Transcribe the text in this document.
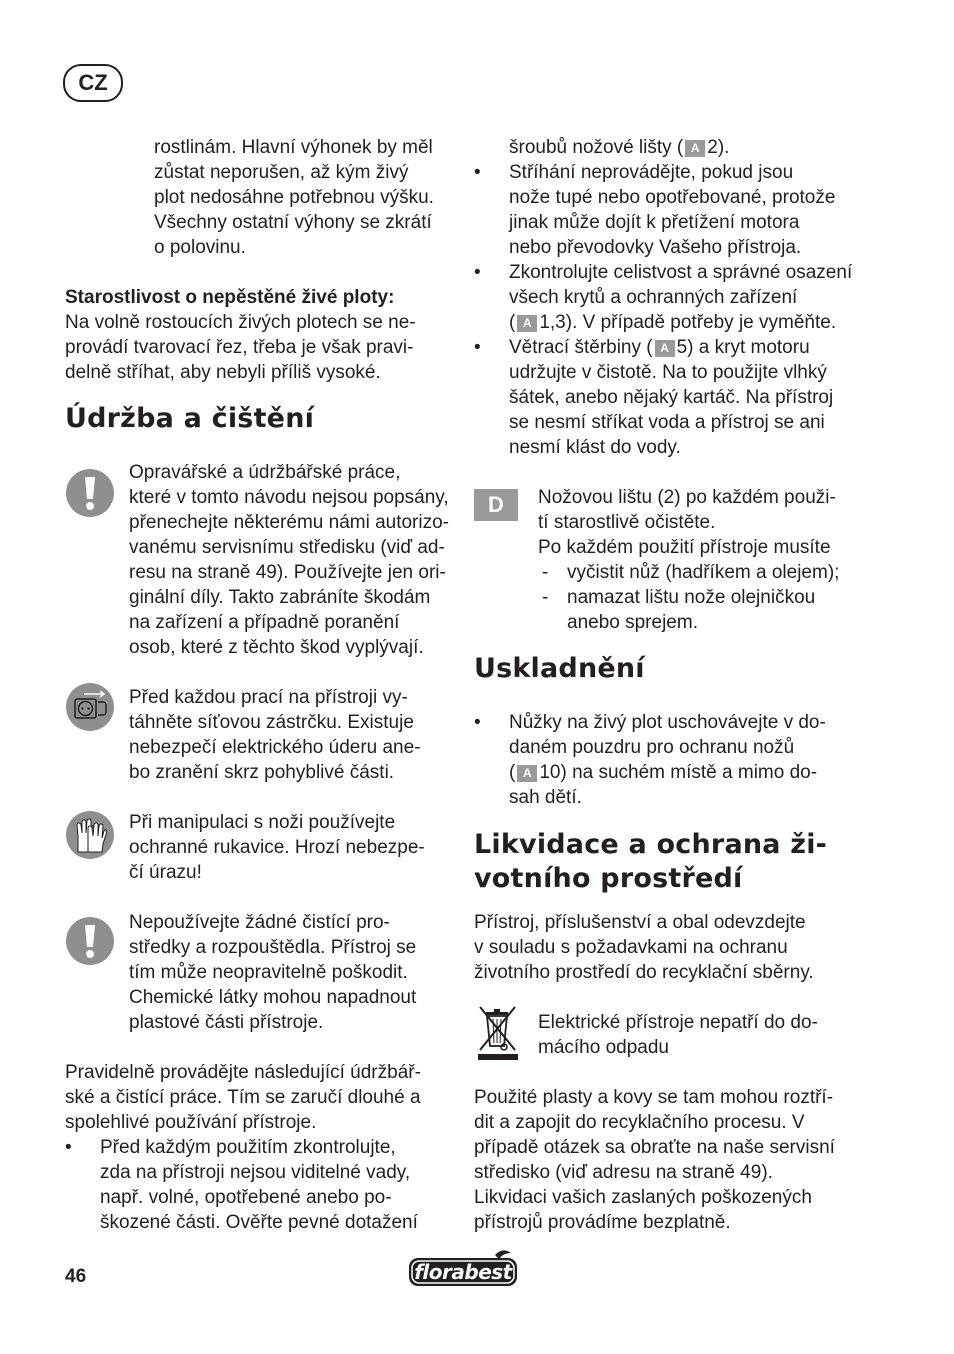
CZ

rostlinám. Hlavní výhonek by měl

zůstat neporušen, až kým živý

plot nedosáhne potřebnou výšku.

Všechny ostatní výhony se zkrátí

o polovinu.

Starostlivost o nepěstěné živé ploty:

Na volně rostoucích živých plotech se ne-

provádí tvarovací řez, třeba je však pravi-

delně stříhat, aby nebyli příliš vysoké.

Údržba a čištění

Opravářské a údržbářské práce,

které v tomto návodu nejsou popsány,

přenechejte některému námi autorizo-

vanému servisnímu středisku (viď ad-

resu na straně 49). Používejte jen ori-

ginální díly. Takto zabráníte škodám

na zařízení a případně poranění

osob, které z těchto škod vyplývají.

Před každou prací na přístroji vy-

táhněte síťovou zástrčku. Existuje

nebezpečí elektrického úderu ane-

bo zranění skrz pohyblivé části.

Při manipulaci s noži používejte

ochranné rukavice. Hrozí nebezpe-

čí úrazu!

Nepoužívejte žádné čistící pro-

středky a rozpouštědla. Přístroj se

tím může neopravitelně poškodit.

Chemické látky mohou napadnout

plastové části přístroje.

Pravidelně provádějte následující údržbář-

ské a čistící práce. Tím se zaručí dlouhé a

spolehlivé používání přístroje.

• Před každým použitím zkontrolujte,

zda na přístroji nejsou viditelné vady,

např. volné, opotřebené anebo po-

škozené části. Ověřte pevné dotažení

šroubů nožové lišty ( A 2).

• Stříhání neprovádějte, pokud jsou

nože tupé nebo opotřebované, protože

jinak může dojít k přetížení motora

nebo převodovky Vašeho přístroja.

• Zkontrolujte celistvost a správné osazení

všech krytů a ochranných zařízení

( A 1,3). V případě potřeby je vyměňte.

• Větrací štěrbiny ( A 5) a kryt motoru

udržujte v čistotě. Na to použijte vlhký

šátek, anebo nějaký kartáč. Na přístroj

se nesmí stříkat voda a přístroj se ani

nesmí klást do vody.

D	Nožovou lištu (2) po každém použi-

tí starostlivě očistěte.

Po každém použití přístroje musíte

- vyčistit nůž (hadříkem a olejem);

- namazat lištu nože olejničkou

anebo sprejem.

Uskladnění
• Nůžky na živý plot uschovávejte v do-

daném pouzdru pro ochranu nožů

( A 10) na suchém místě a mimo do-

sah dětí.

Likvidace a ochrana ži-
votního prostředí

Přístroj, příslušenství a obal odevzdejte

v souladu s požadavkami na ochranu

životního prostředí do recyklační sběrny.

Elektrické přístroje nepatří do do-

mácího odpadu

Použité plasty a kovy se tam mohou roztří-

dit a zapojit do recyklačního procesu. V

případě otázek sa obraťte na naše servisní

středisko (viď adresu na straně 49).

Likvidaci vašich zaslaných poškozených

přístrojů provádíme bezplatně.

46	florabest
